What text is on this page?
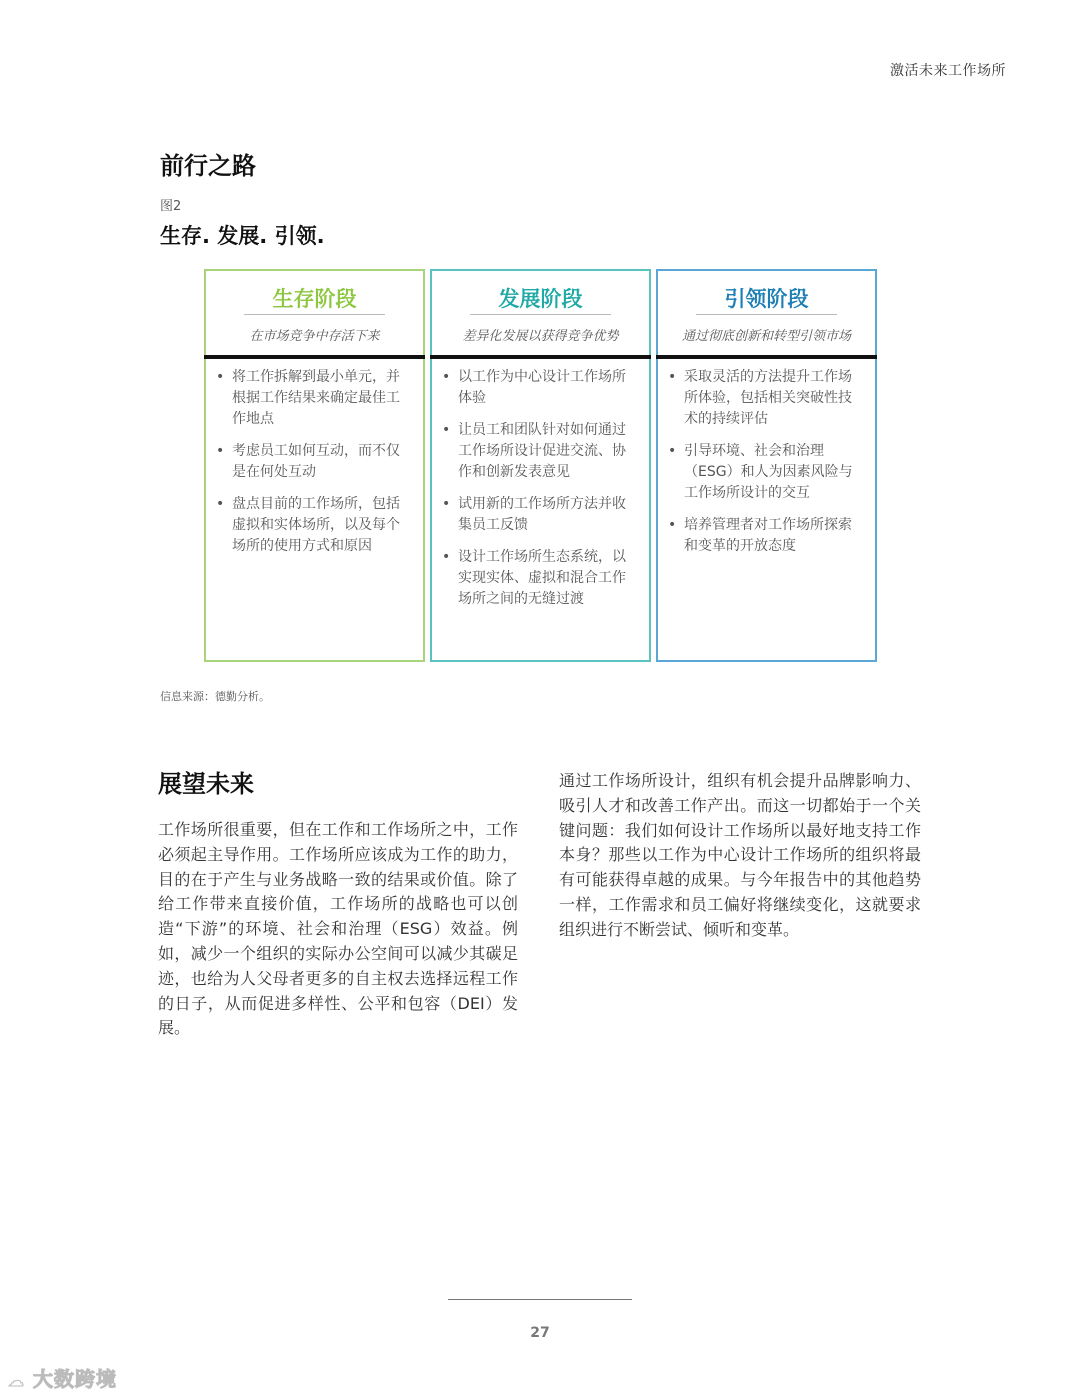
激活未来工作场所
前行之路
图2
生存. 发展. 引领.
生存阶段
在市场竞争中存活下来
• 将工作拆解到最小单元，并根据工作结果来确定最佳工作地点
• 考虑员工如何互动，而不仅是在何处互动
• 盘点目前的工作场所，包括虚拟和实体场所，以及每个场所的使用方式和原因
发展阶段
差异化发展以获得竞争优势
• 以工作为中心设计工作场所体验
• 让员工和团队针对如何通过工作场所设计促进交流、协作和创新发表意见
• 试用新的工作场所方法并收集员工反馈
• 设计工作场所生态系统，以实现实体、虚拟和混合工作场所之间的无缝过渡
引领阶段
通过彻底创新和转型引领市场
• 采取灵活的方法提升工作场所体验，包括相关突破性技术的持续评估
• 引导环境、社会和治理（ESG）和人为因素风险与工作场所设计的交互
• 培养管理者对工作场所探索和变革的开放态度
信息来源：德勤分析。
展望未来
工作场所很重要，但在工作和工作场所之中，工作必须起主导作用。工作场所应该成为工作的助力，目的在于产生与业务战略一致的结果或价值。除了给工作带来直接价值，工作场所的战略也可以创造“下游”的环境、社会和治理（ESG）效益。例如，减少一个组织的实际办公空间可以减少其碳足迹，也给为人父母者更多的自主权去选择远程工作的日子，从而促进多样性、公平和包容（DEI）发展。
通过工作场所设计，组织有机会提升品牌影响力、吸引人才和改善工作产出。而这一切都始于一个关键问题：我们如何设计工作场所以最好地支持工作本身？那些以工作为中心设计工作场所的组织将最有可能获得卓越的成果。与今年报告中的其他趋势一样，工作需求和员工偏好将继续变化，这就要求组织进行不断尝试、倾听和变革。
27
☁ 大数跨境
